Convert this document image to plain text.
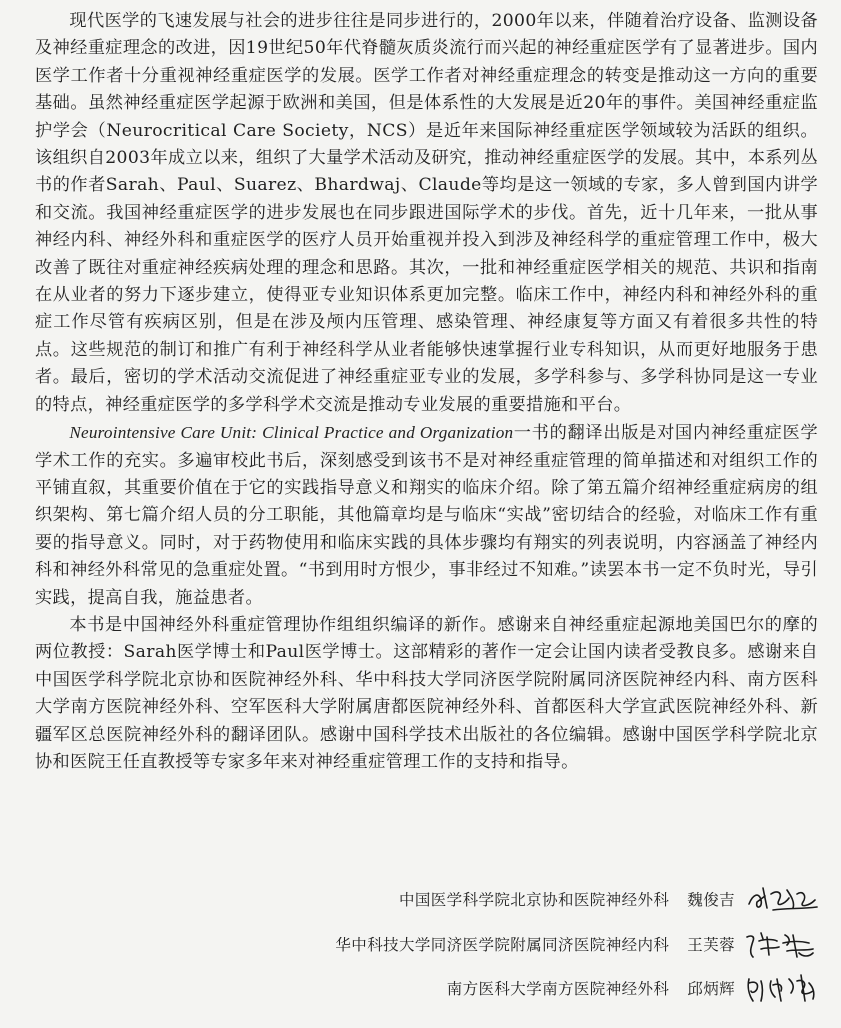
现代医学的飞速发展与社会的进步往往是同步进行的，2000年以来，伴随着治疗设备、监测设备及神经重症理念的改进，因19世纪50年代脊髓灰质炎流行而兴起的神经重症医学有了显著进步。国内医学工作者十分重视神经重症医学的发展。医学工作者对神经重症理念的转变是推动这一方向的重要基础。虽然神经重症医学起源于欧洲和美国，但是体系性的大发展是近20年的事件。美国神经重症监护学会（Neurocritical Care Society，NCS）是近年来国际神经重症医学领域较为活跃的组织。该组织自2003年成立以来，组织了大量学术活动及研究，推动神经重症医学的发展。其中，本系列丛书的作者Sarah、Paul、Suarez、Bhardwaj、Claude等均是这一领域的专家，多人曾到国内讲学和交流。我国神经重症医学的进步发展也在同步跟进国际学术的步伐。首先，近十几年来，一批从事神经内科、神经外科和重症医学的医疗人员开始重视并投入到涉及神经科学的重症管理工作中，极大改善了既往对重症神经疾病处理的理念和思路。其次，一批和神经重症医学相关的规范、共识和指南在从业者的努力下逐步建立，使得亚专业知识体系更加完整。临床工作中，神经内科和神经外科的重症工作尽管有疾病区别，但是在涉及颅内压管理、感染管理、神经康复等方面又有着很多共性的特点。这些规范的制订和推广有利于神经科学从业者能够快速掌握行业专科知识，从而更好地服务于患者。最后，密切的学术活动交流促进了神经重症亚专业的发展，多学科参与、多学科协同是这一专业的特点，神经重症医学的多学科学术交流是推动专业发展的重要措施和平台。

Neurointensive Care Unit: Clinical Practice and Organization一书的翻译出版是对国内神经重症医学学术工作的充实。多遍审校此书后，深刻感受到该书不是对神经重症管理的简单描述和对组织工作的平铺直叙，其重要价值在于它的实践指导意义和翔实的临床介绍。除了第五篇介绍神经重症病房的组织架构、第七篇介绍人员的分工职能，其他篇章均是与临床“实战”密切结合的经验，对临床工作有重要的指导意义。同时，对于药物使用和临床实践的具体步骤均有翔实的列表说明，内容涵盖了神经内科和神经外科常见的急重症处置。“书到用时方恨少，事非经过不知难。”读罢本书一定不负时光，导引实践，提高自我，施益患者。

本书是中国神经外科重症管理协作组组织编译的新作。感谢来自神经重症起源地美国巴尔的摩的两位教授：Sarah医学博士和Paul医学博士。这部精彩的著作一定会让国内读者受教良多。感谢来自中国医学科学院北京协和医院神经外科、华中科技大学同济医学院附属同济医院神经内科、南方医科大学南方医院神经外科、空军医科大学附属唐都医院神经外科、首都医科大学宣武医院神经外科、新疆军区总医院神经外科的翻译团队。感谢中国科学技术出版社的各位编辑。感谢中国医学科学院北京协和医院王任直教授等专家多年来对神经重症管理工作的支持和指导。

中国医学科学院北京协和医院神经外科 魏俊吉
华中科技大学同济医学院附属同济医院神经内科 王芙蓉
南方医科大学南方医院神经外科 邱炳辉
